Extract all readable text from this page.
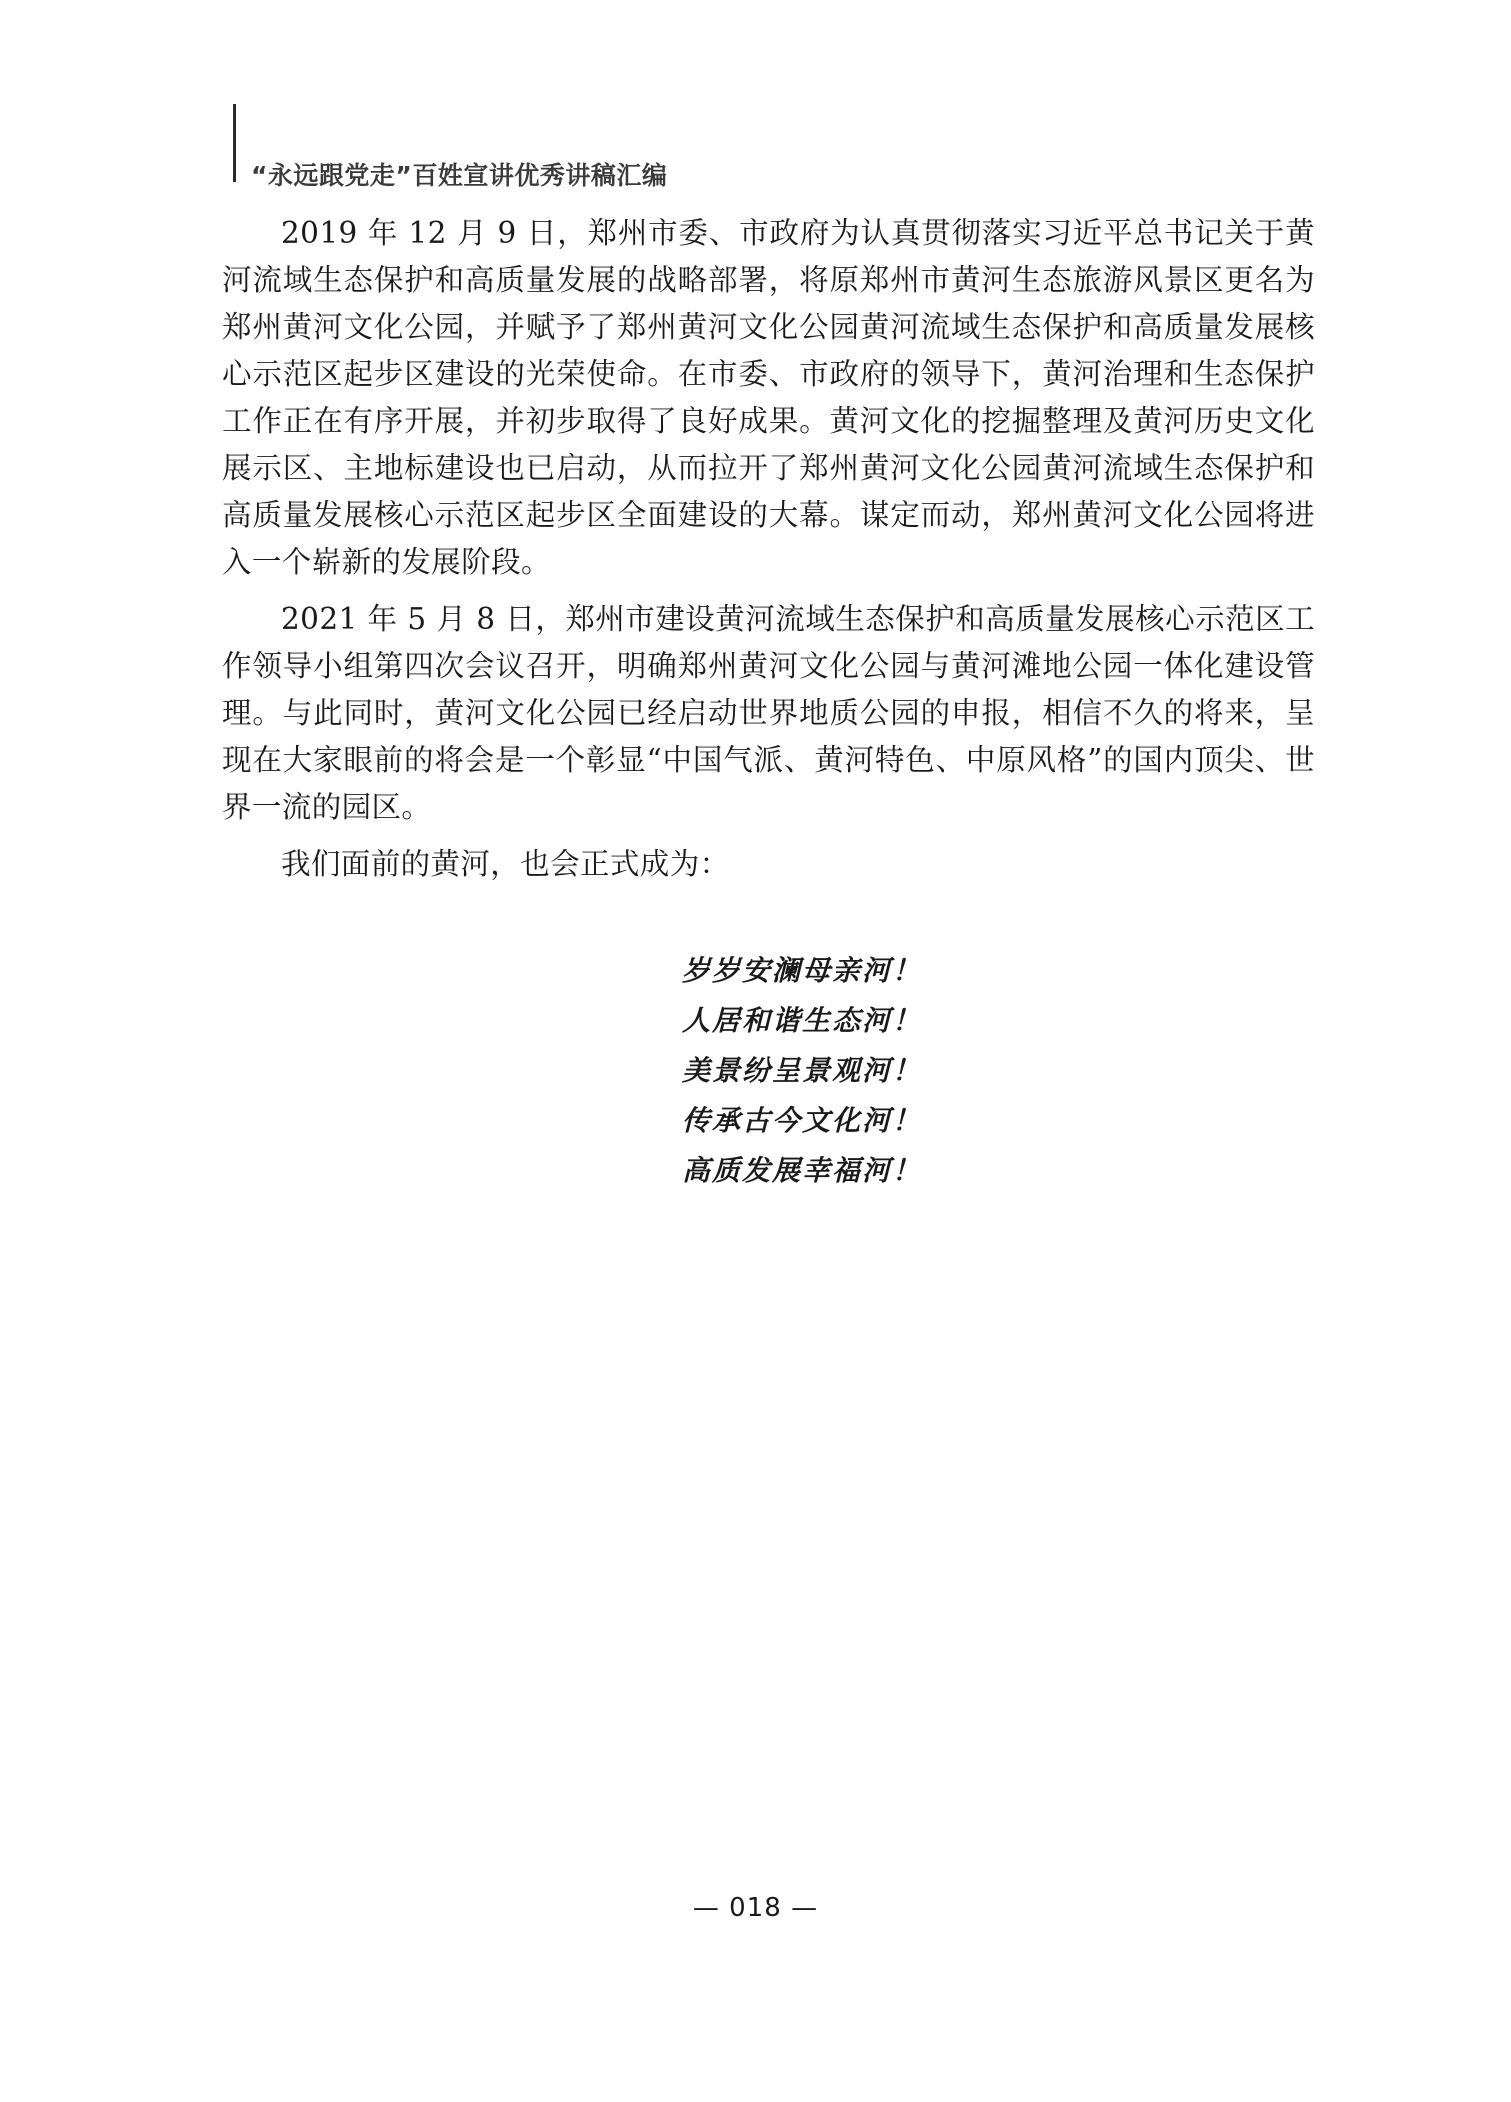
“永远跟党走”百姓宣讲优秀讲稿汇编

2019 年 12 月 9 日，郑州市委、市政府为认真贯彻落实习近平总书记关于黄河流域生态保护和高质量发展的战略部署，将原郑州市黄河生态旅游风景区更名为郑州黄河文化公园，并赋予了郑州黄河文化公园黄河流域生态保护和高质量发展核心示范区起步区建设的光荣使命。在市委、市政府的领导下，黄河治理和生态保护工作正在有序开展，并初步取得了良好成果。黄河文化的挖掘整理及黄河历史文化展示区、主地标建设也已启动，从而拉开了郑州黄河文化公园黄河流域生态保护和高质量发展核心示范区起步区全面建设的大幕。谋定而动，郑州黄河文化公园将进入一个崭新的发展阶段。

2021 年 5 月 8 日，郑州市建设黄河流域生态保护和高质量发展核心示范区工作领导小组第四次会议召开，明确郑州黄河文化公园与黄河滩地公园一体化建设管理。与此同时，黄河文化公园已经启动世界地质公园的申报，相信不久的将来，呈现在大家眼前的将会是一个彰显“中国气派、黄河特色、中原风格”的国内顶尖、世界一流的园区。

我们面前的黄河，也会正式成为：

岁岁安澜母亲河！
人居和谐生态河！
美景纷呈景观河！
传承古今文化河！
高质发展幸福河！
— 018 —
